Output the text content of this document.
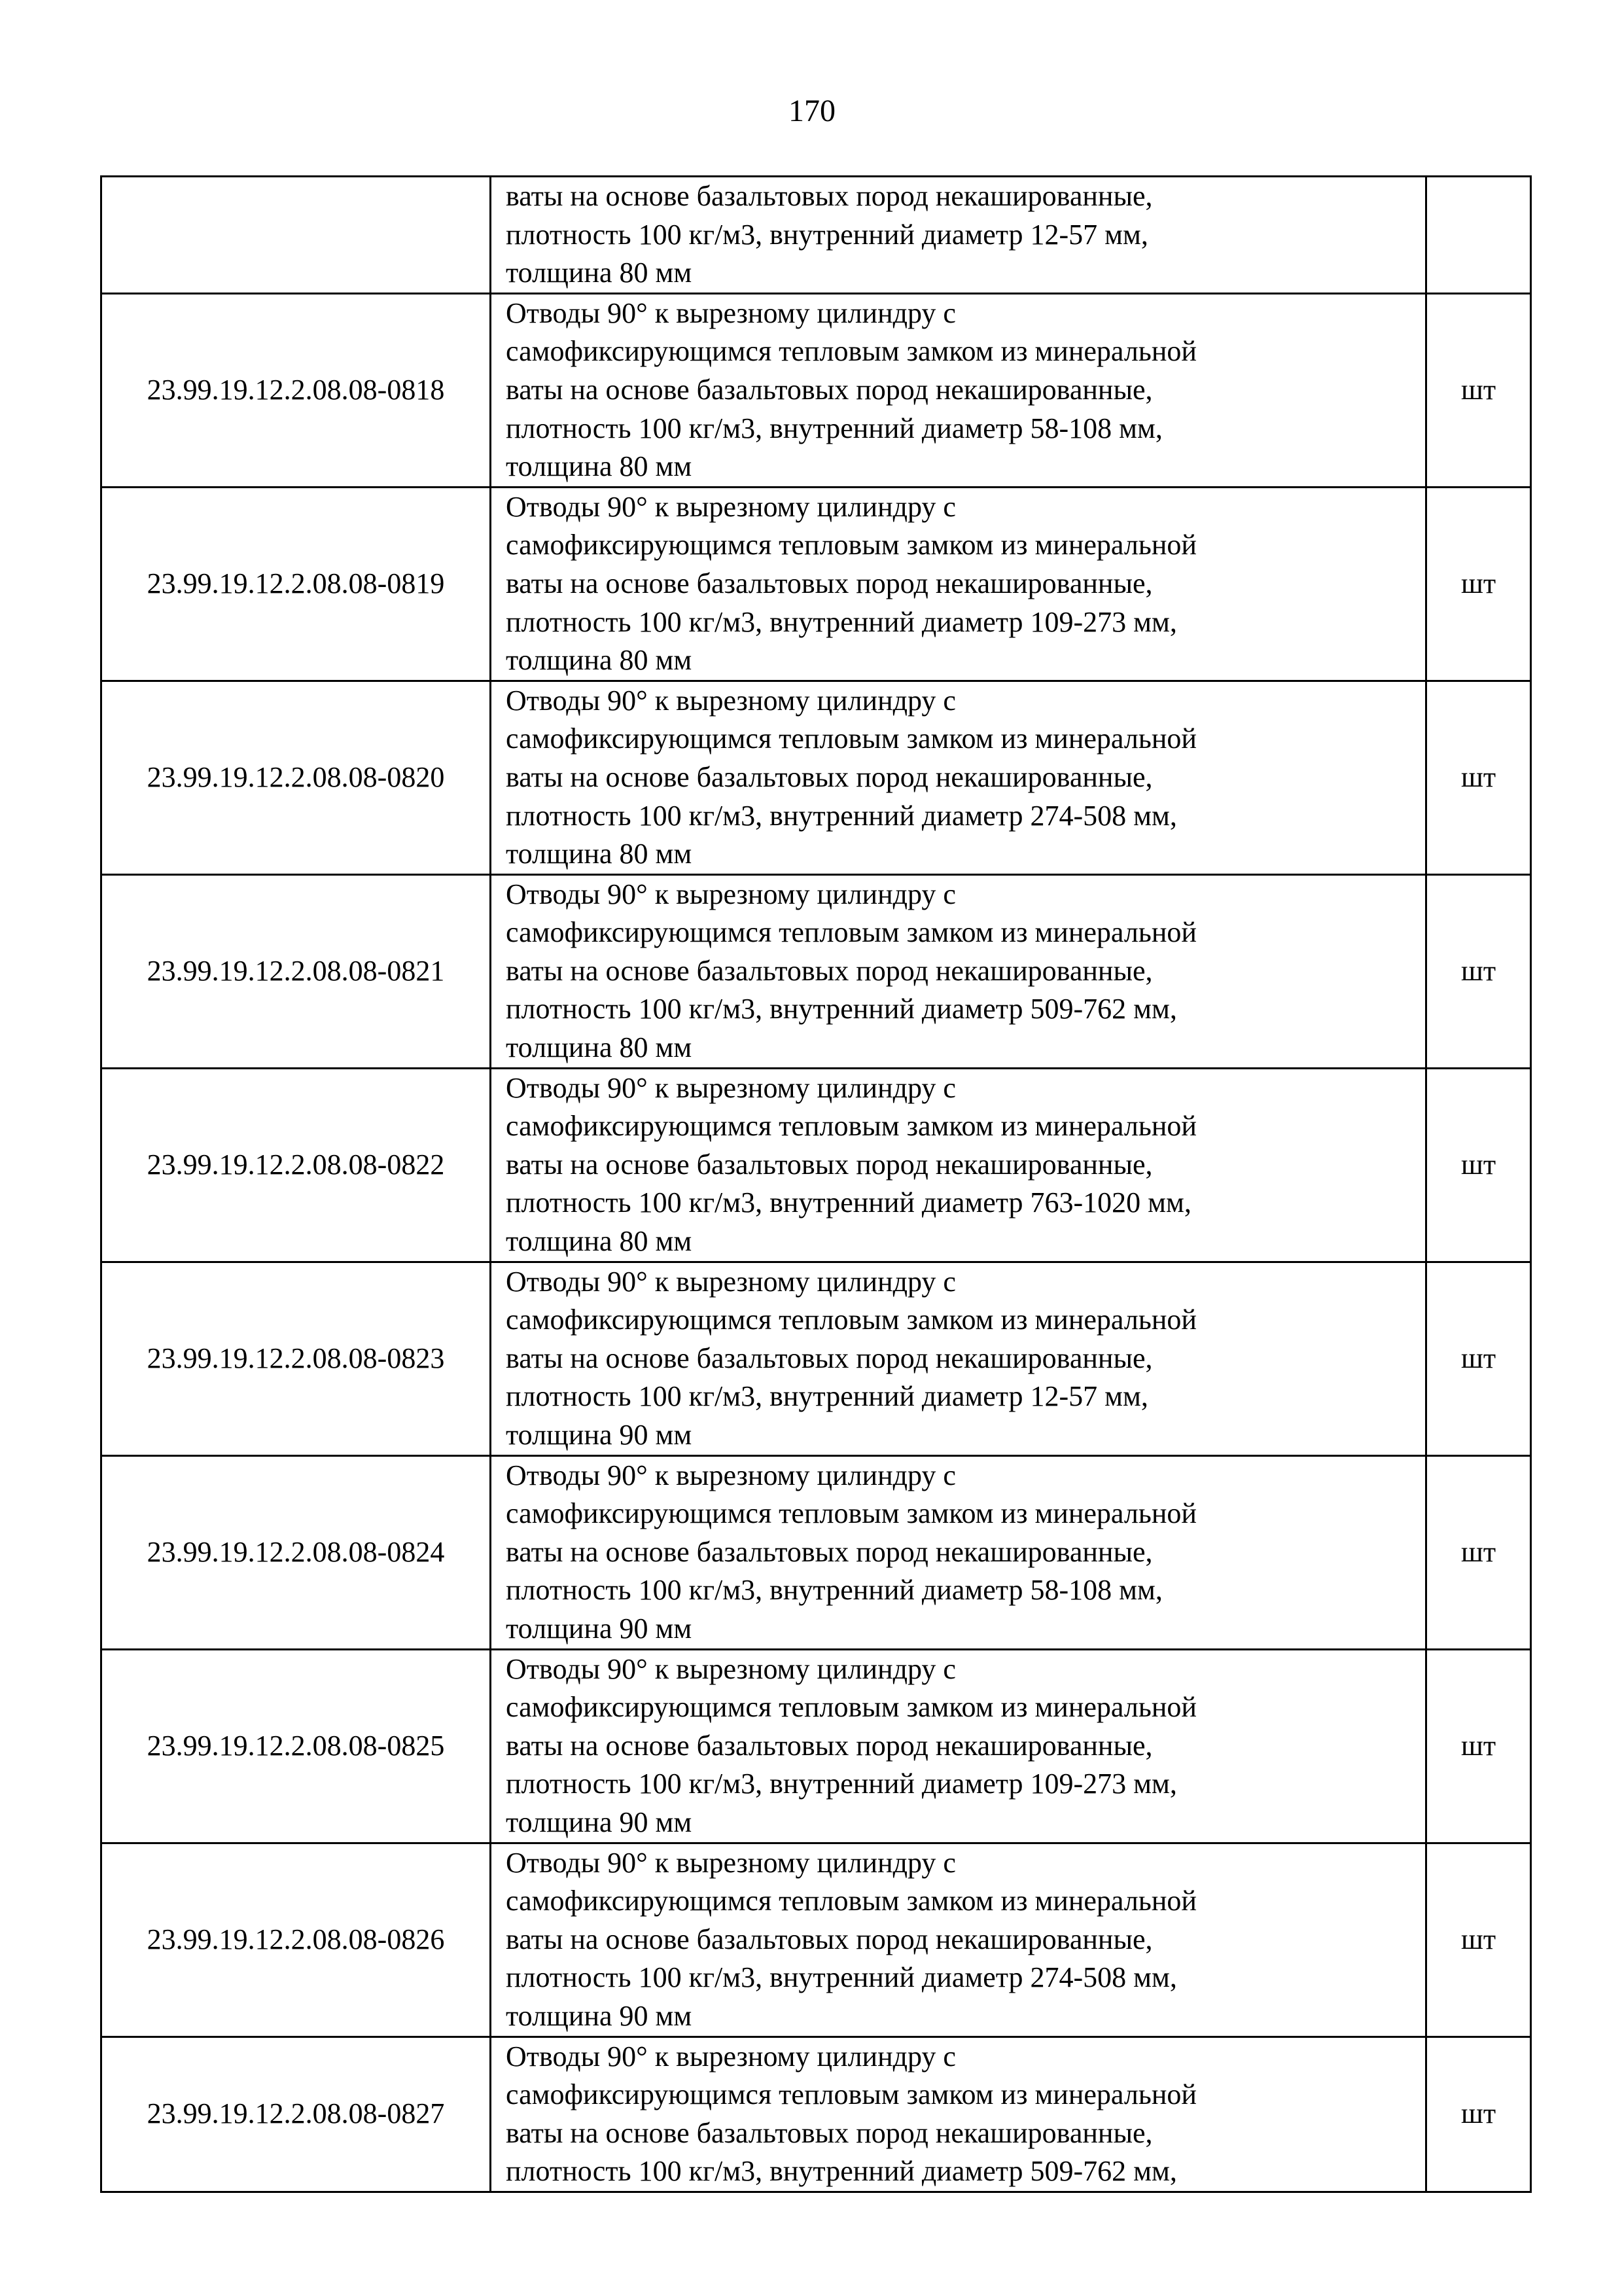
170

	ваты на основе базальтовых пород некашированные,
плотность 100 кг/м3, внутренний диаметр 12-57 мм,
толщина 80 мм	

23.99.19.12.2.08.08-0818	Отводы 90° к вырезному цилиндру с
самофиксирующимся тепловым замком из минеральной
ваты на основе базальтовых пород некашированные,
плотность 100 кг/м3, внутренний диаметр 58-108 мм,
толщина 80 мм	шт
23.99.19.12.2.08.08-0819	Отводы 90° к вырезному цилиндру с
самофиксирующимся тепловым замком из минеральной
ваты на основе базальтовых пород некашированные,
плотность 100 кг/м3, внутренний диаметр 109-273 мм,
толщина 80 мм	шт
23.99.19.12.2.08.08-0820	Отводы 90° к вырезному цилиндру с
самофиксирующимся тепловым замком из минеральной
ваты на основе базальтовых пород некашированные,
плотность 100 кг/м3, внутренний диаметр 274-508 мм,
толщина 80 мм	шт
23.99.19.12.2.08.08-0821	Отводы 90° к вырезному цилиндру с
самофиксирующимся тепловым замком из минеральной
ваты на основе базальтовых пород некашированные,
плотность 100 кг/м3, внутренний диаметр 509-762 мм,
толщина 80 мм	шт
23.99.19.12.2.08.08-0822	Отводы 90° к вырезному цилиндру с
самофиксирующимся тепловым замком из минеральной
ваты на основе базальтовых пород некашированные,
плотность 100 кг/м3, внутренний диаметр 763-1020 мм,
толщина 80 мм	шт
23.99.19.12.2.08.08-0823	Отводы 90° к вырезному цилиндру с
самофиксирующимся тепловым замком из минеральной
ваты на основе базальтовых пород некашированные,
плотность 100 кг/м3, внутренний диаметр 12-57 мм,
толщина 90 мм	шт
23.99.19.12.2.08.08-0824	Отводы 90° к вырезному цилиндру с
самофиксирующимся тепловым замком из минеральной
ваты на основе базальтовых пород некашированные,
плотность 100 кг/м3, внутренний диаметр 58-108 мм,
толщина 90 мм	шт
23.99.19.12.2.08.08-0825	Отводы 90° к вырезному цилиндру с
самофиксирующимся тепловым замком из минеральной
ваты на основе базальтовых пород некашированные,
плотность 100 кг/м3, внутренний диаметр 109-273 мм,
толщина 90 мм	шт
23.99.19.12.2.08.08-0826	Отводы 90° к вырезному цилиндру с
самофиксирующимся тепловым замком из минеральной
ваты на основе базальтовых пород некашированные,
плотность 100 кг/м3, внутренний диаметр 274-508 мм,
толщина 90 мм	шт
23.99.19.12.2.08.08-0827	Отводы 90° к вырезному цилиндру с
самофиксирующимся тепловым замком из минеральной
ваты на основе базальтовых пород некашированные,
плотность 100 кг/м3, внутренний диаметр 509-762 мм,	шт
